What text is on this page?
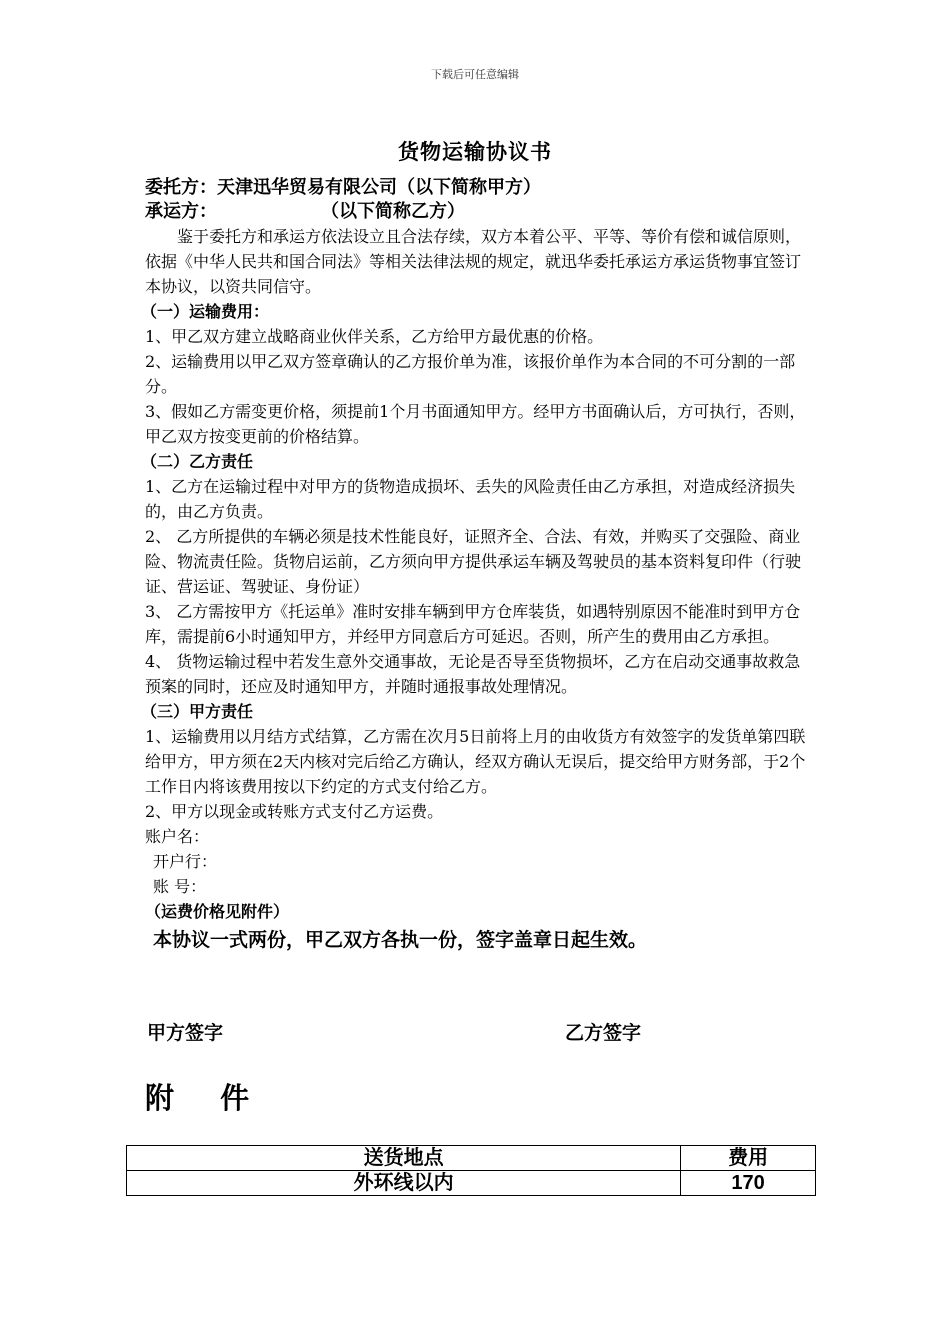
下载后可任意编辑
货物运输协议书
委托方：天津迅华贸易有限公司（以下简称甲方）
承运方：	（以下简称乙方）

鉴于委托方和承运方依法设立且合法存续，双方本着公平、平等、等价有偿和诚信原则，依据《中华人民共和国合同法》等相关法律法规的规定，就迅华委托承运方承运货物事宜签订本协议，以资共同信守。

（一）运输费用：

1、甲乙双方建立战略商业伙伴关系，乙方给甲方最优惠的价格。

2、运输费用以甲乙双方签章确认的乙方报价单为准，该报价单作为本合同的不可分割的一部分。

3、假如乙方需变更价格，须提前1个月书面通知甲方。经甲方书面确认后，方可执行，否则，甲乙双方按变更前的价格结算。

（二）乙方责任

1、乙方在运输过程中对甲方的货物造成损坏、丢失的风险责任由乙方承担，对造成经济损失的，由乙方负责。

2、 乙方所提供的车辆必须是技术性能良好，证照齐全、合法、有效，并购买了交强险、商业险、物流责任险。货物启运前，乙方须向甲方提供承运车辆及驾驶员的基本资料复印件（行驶证、营运证、驾驶证、身份证）

3、 乙方需按甲方《托运单》准时安排车辆到甲方仓库装货，如遇特别原因不能准时到甲方仓库，需提前6小时通知甲方，并经甲方同意后方可延迟。否则，所产生的费用由乙方承担。

4、 货物运输过程中若发生意外交通事故，无论是否导至货物损坏，乙方在启动交通事故救急预案的同时，还应及时通知甲方，并随时通报事故处理情况。

（三）甲方责任

1、运输费用以月结方式结算，乙方需在次月5日前将上月的由收货方有效签字的发货单第四联给甲方，甲方须在2天内核对完后给乙方确认，经双方确认无误后，提交给甲方财务部，于2个工作日内将该费用按以下约定的方式支付给乙方。

2、甲方以现金或转账方式支付乙方运费。

账户名：
开户行：
账 号：
（运费价格见附件）
本协议一式两份，甲乙双方各执一份，签字盖章日起生效。
甲方签字	乙方签字
附 件
送货地点	费用
外环线以内	170
